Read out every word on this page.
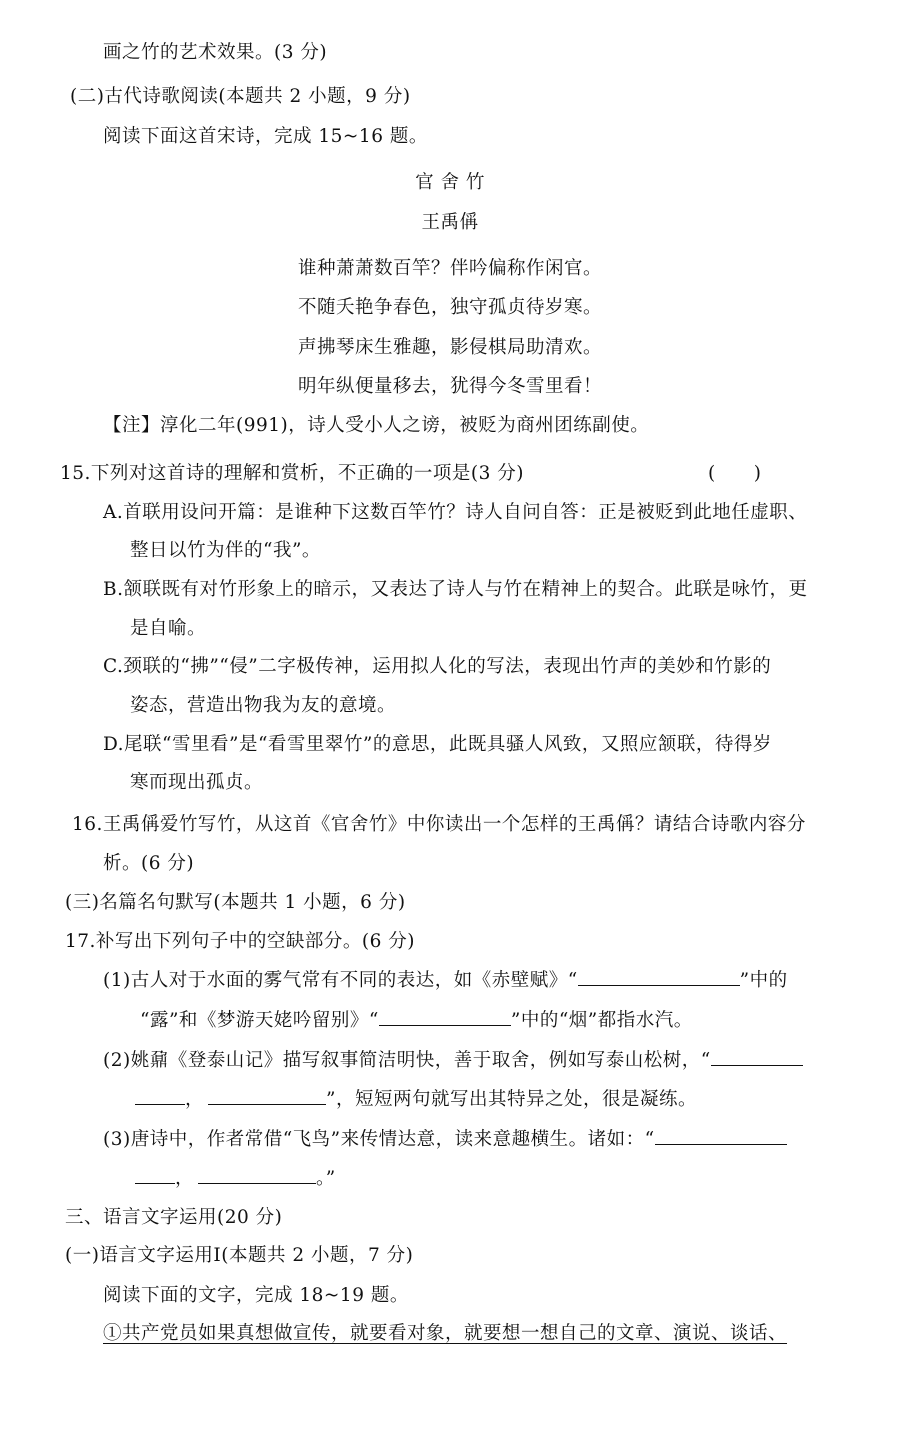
画之竹的艺术效果。(3 分)
(二)古代诗歌阅读(本题共 2 小题，9 分)
阅读下面这首宋诗，完成 15~16 题。
官 舍 竹
王禹偁
谁种萧萧数百竿？伴吟偏称作闲官。
不随夭艳争春色，独守孤贞待岁寒。
声拂琴床生雅趣，影侵棋局助清欢。
明年纵便量移去，犹得今冬雪里看！
【注】淳化二年(991)，诗人受小人之谤，被贬为商州团练副使。
15.下列对这首诗的理解和赏析，不正确的一项是(3 分)	(　　)
A.首联用设问开篇：是谁种下这数百竿竹？诗人自问自答：正是被贬到此地任虚职、
整日以竹为伴的“我”。
B.颔联既有对竹形象上的暗示，又表达了诗人与竹在精神上的契合。此联是咏竹，更
是自喻。
C.颈联的“拂”“侵”二字极传神，运用拟人化的写法，表现出竹声的美妙和竹影的
姿态，营造出物我为友的意境。
D.尾联“雪里看”是“看雪里翠竹”的意思，此既具骚人风致，又照应颔联，待得岁
寒而现出孤贞。
16.王禹偁爱竹写竹，从这首《官舍竹》中你读出一个怎样的王禹偁？请结合诗歌内容分
析。(6 分)
(三)名篇名句默写(本题共 1 小题，6 分)
17.补写出下列句子中的空缺部分。(6 分)
(1)古人对于水面的雾气常有不同的表达，如《赤壁赋》“	”中的
“露”和《梦游天姥吟留别》“	”中的“烟”都指水汽。
(2)姚鼐《登泰山记》描写叙事简洁明快，善于取舍，例如写泰山松树，“
，	”，短短两句就写出其特异之处，很是凝练。
(3)唐诗中，作者常借“飞鸟”来传情达意，读来意趣横生。诸如：“
，	。”
三、语言文字运用(20 分)
(一)语言文字运用Ⅰ(本题共 2 小题，7 分)
阅读下面的文字，完成 18~19 题。
①共产党员如果真想做宣传，就要看对象，就要想一想自己的文章、演说、谈话、
